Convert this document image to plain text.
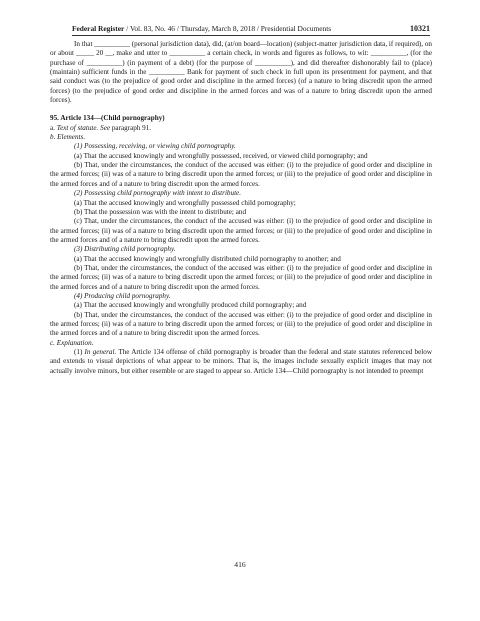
Federal Register / Vol. 83, No. 46 / Thursday, March 8, 2018 / Presidential Documents	10321

In that __________ (personal jurisdiction data), did, (at/on board—location) (subject-matter jurisdiction data, if required), on or about _____ 20 __, make and utter to __________ a certain check, in words and figures as follows, to wit: __________, (for the purchase of __________) (in payment of a debt) (for the purpose of __________), and did thereafter dishonorably fail to (place) (maintain) sufficient funds in the __________ Bank for payment of such check in full upon its presentment for payment, and that said conduct was (to the prejudice of good order and discipline in the armed forces) (of a nature to bring discredit upon the armed forces) (to the prejudice of good order and discipline in the armed forces and was of a nature to bring discredit upon the armed forces).

95. Article 134—(Child pornography)

a. Text of statute. See paragraph 91.

b. Elements.

(1) Possessing, receiving, or viewing child pornography.

(a) That the accused knowingly and wrongfully possessed, received, or viewed child pornography; and

(b) That, under the circumstances, the conduct of the accused was either: (i) to the prejudice of good order and discipline in the armed forces; (ii) was of a nature to bring discredit upon the armed forces; or (iii) to the prejudice of good order and discipline in the armed forces and of a nature to bring discredit upon the armed forces.

(2) Possessing child pornography with intent to distribute.

(a) That the accused knowingly and wrongfully possessed child pornography;

(b) That the possession was with the intent to distribute; and

(c) That, under the circumstances, the conduct of the accused was either: (i) to the prejudice of good order and discipline in the armed forces; (ii) was of a nature to bring discredit upon the armed forces; or (iii) to the prejudice of good order and discipline in the armed forces and of a nature to bring discredit upon the armed forces.

(3) Distributing child pornography.

(a) That the accused knowingly and wrongfully distributed child pornography to another; and

(b) That, under the circumstances, the conduct of the accused was either: (i) to the prejudice of good order and discipline in the armed forces; (ii) was of a nature to bring discredit upon the armed forces; or (iii) to the prejudice of good order and discipline in the armed forces and of a nature to bring discredit upon the armed forces.

(4) Producing child pornography.

(a) That the accused knowingly and wrongfully produced child pornography; and

(b) That, under the circumstances, the conduct of the accused was either: (i) to the prejudice of good order and discipline in the armed forces; (ii) was of a nature to bring discredit upon the armed forces; or (iii) to the prejudice of good order and discipline in the armed forces and of a nature to bring discredit upon the armed forces.

c. Explanation.

(1) In general. The Article 134 offense of child pornography is broader than the federal and state statutes referenced below and extends to visual depictions of what appear to be minors. That is, the images include sexually explicit images that may not actually involve minors, but either resemble or are staged to appear so. Article 134—Child pornography is not intended to preempt

416
